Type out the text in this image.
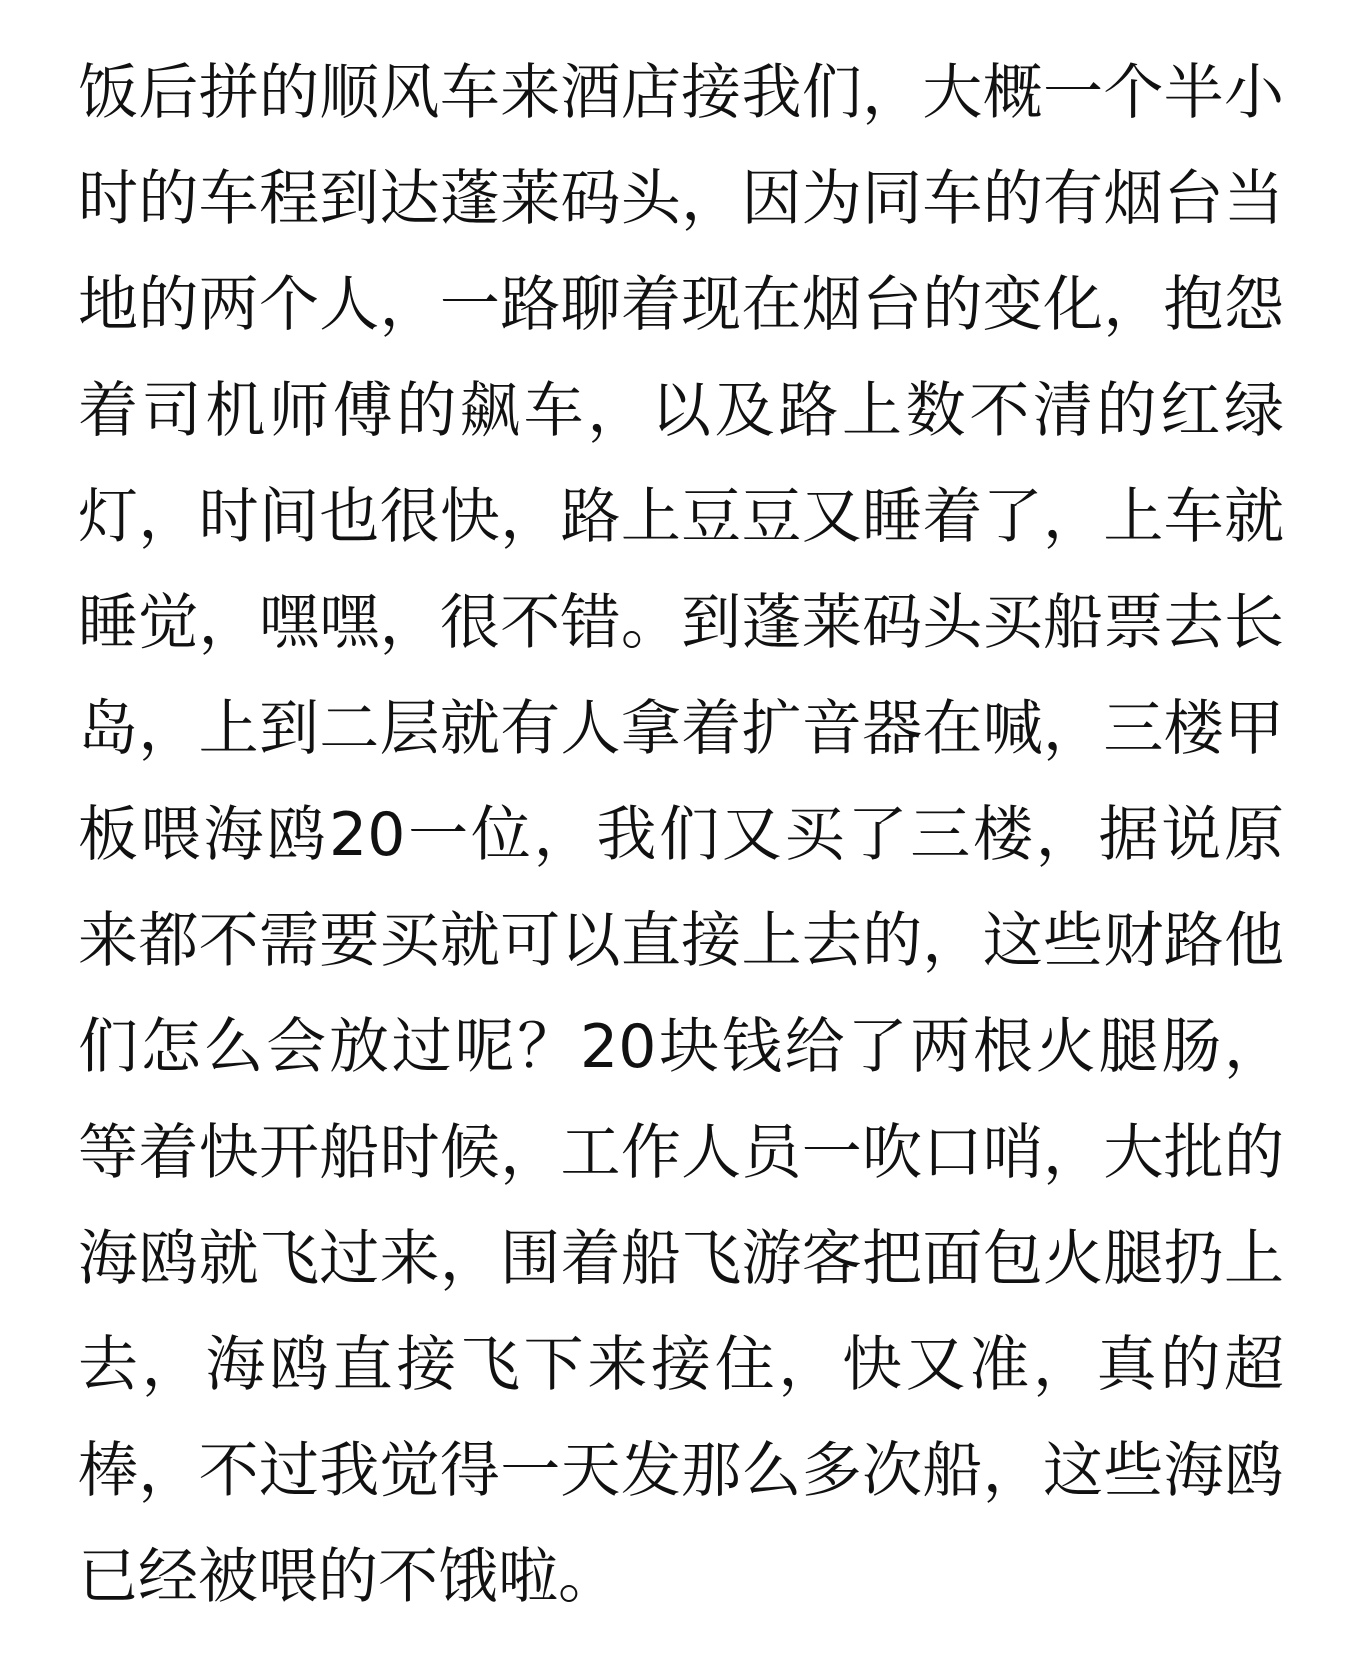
饭后拼的顺风车来酒店接我们，大概一个半小
时的车程到达蓬莱码头，因为同车的有烟台当
地的两个人，一路聊着现在烟台的变化，抱怨
着司机师傅的飙车，以及路上数不清的红绿
灯，时间也很快，路上豆豆又睡着了，上车就
睡觉，嘿嘿，很不错。到蓬莱码头买船票去长
岛，上到二层就有人拿着扩音器在喊，三楼甲
板喂海鸥20一位，我们又买了三楼，据说原
来都不需要买就可以直接上去的，这些财路他
们怎么会放过呢？20块钱给了两根火腿肠，
等着快开船时候，工作人员一吹口哨，大批的
海鸥就飞过来，围着船飞游客把面包火腿扔上
去，海鸥直接飞下来接住，快又准，真的超
棒，不过我觉得一天发那么多次船，这些海鸥
已经被喂的不饿啦。
